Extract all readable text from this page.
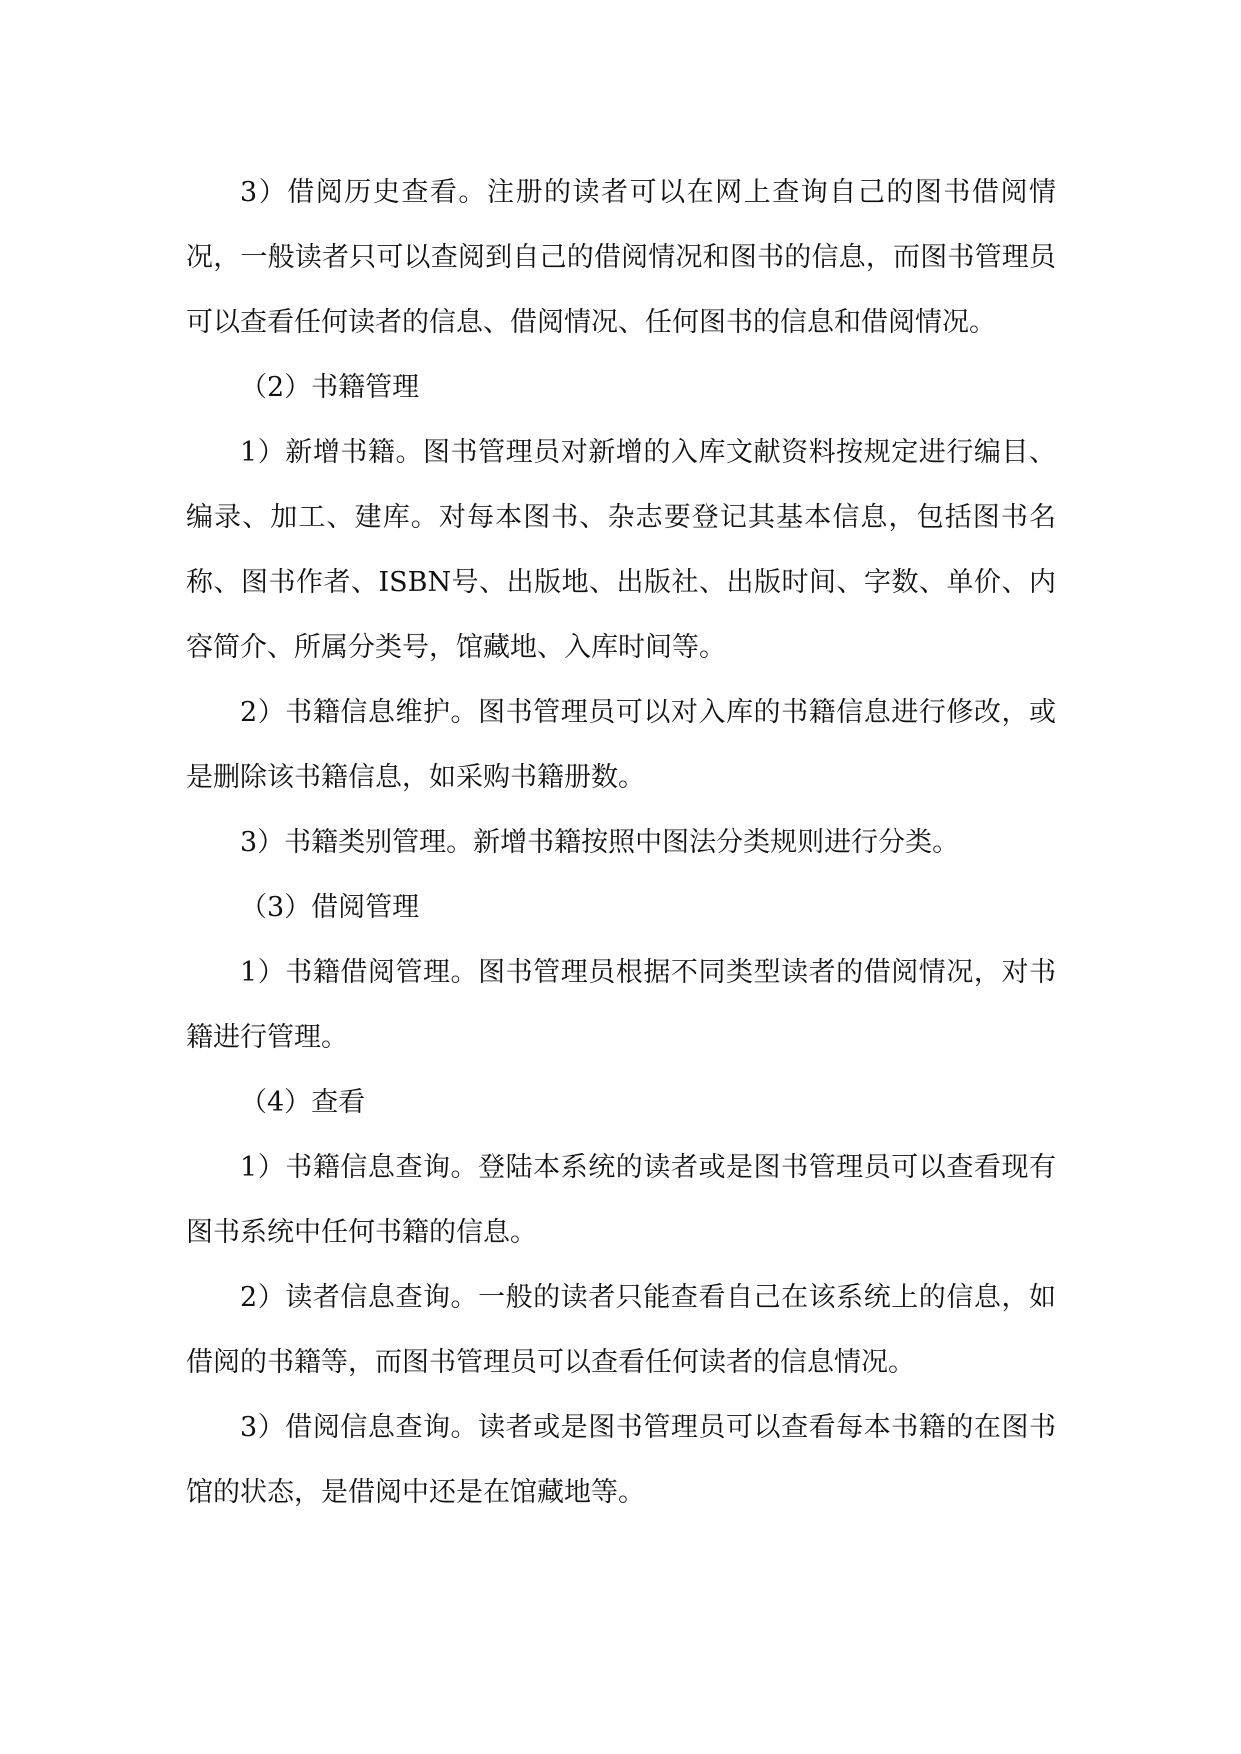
3）借阅历史查看。注册的读者可以在网上查询自己的图书借阅情况，一般读者只可以查阅到自己的借阅情况和图书的信息，而图书管理员可以查看任何读者的信息、借阅情况、任何图书的信息和借阅情况。

（2）书籍管理

1）新增书籍。图书管理员对新增的入库文献资料按规定进行编目、编录、加工、建库。对每本图书、杂志要登记其基本信息，包括图书名称、图书作者、ISBN号、出版地、出版社、出版时间、字数、单价、内容简介、所属分类号，馆藏地、入库时间等。

2）书籍信息维护。图书管理员可以对入库的书籍信息进行修改，或是删除该书籍信息，如采购书籍册数。

3）书籍类别管理。新增书籍按照中图法分类规则进行分类。

（3）借阅管理

1）书籍借阅管理。图书管理员根据不同类型读者的借阅情况，对书籍进行管理。

（4）查看

1）书籍信息查询。登陆本系统的读者或是图书管理员可以查看现有图书系统中任何书籍的信息。

2）读者信息查询。一般的读者只能查看自己在该系统上的信息，如借阅的书籍等，而图书管理员可以查看任何读者的信息情况。

3）借阅信息查询。读者或是图书管理员可以查看每本书籍的在图书馆的状态，是借阅中还是在馆藏地等。
